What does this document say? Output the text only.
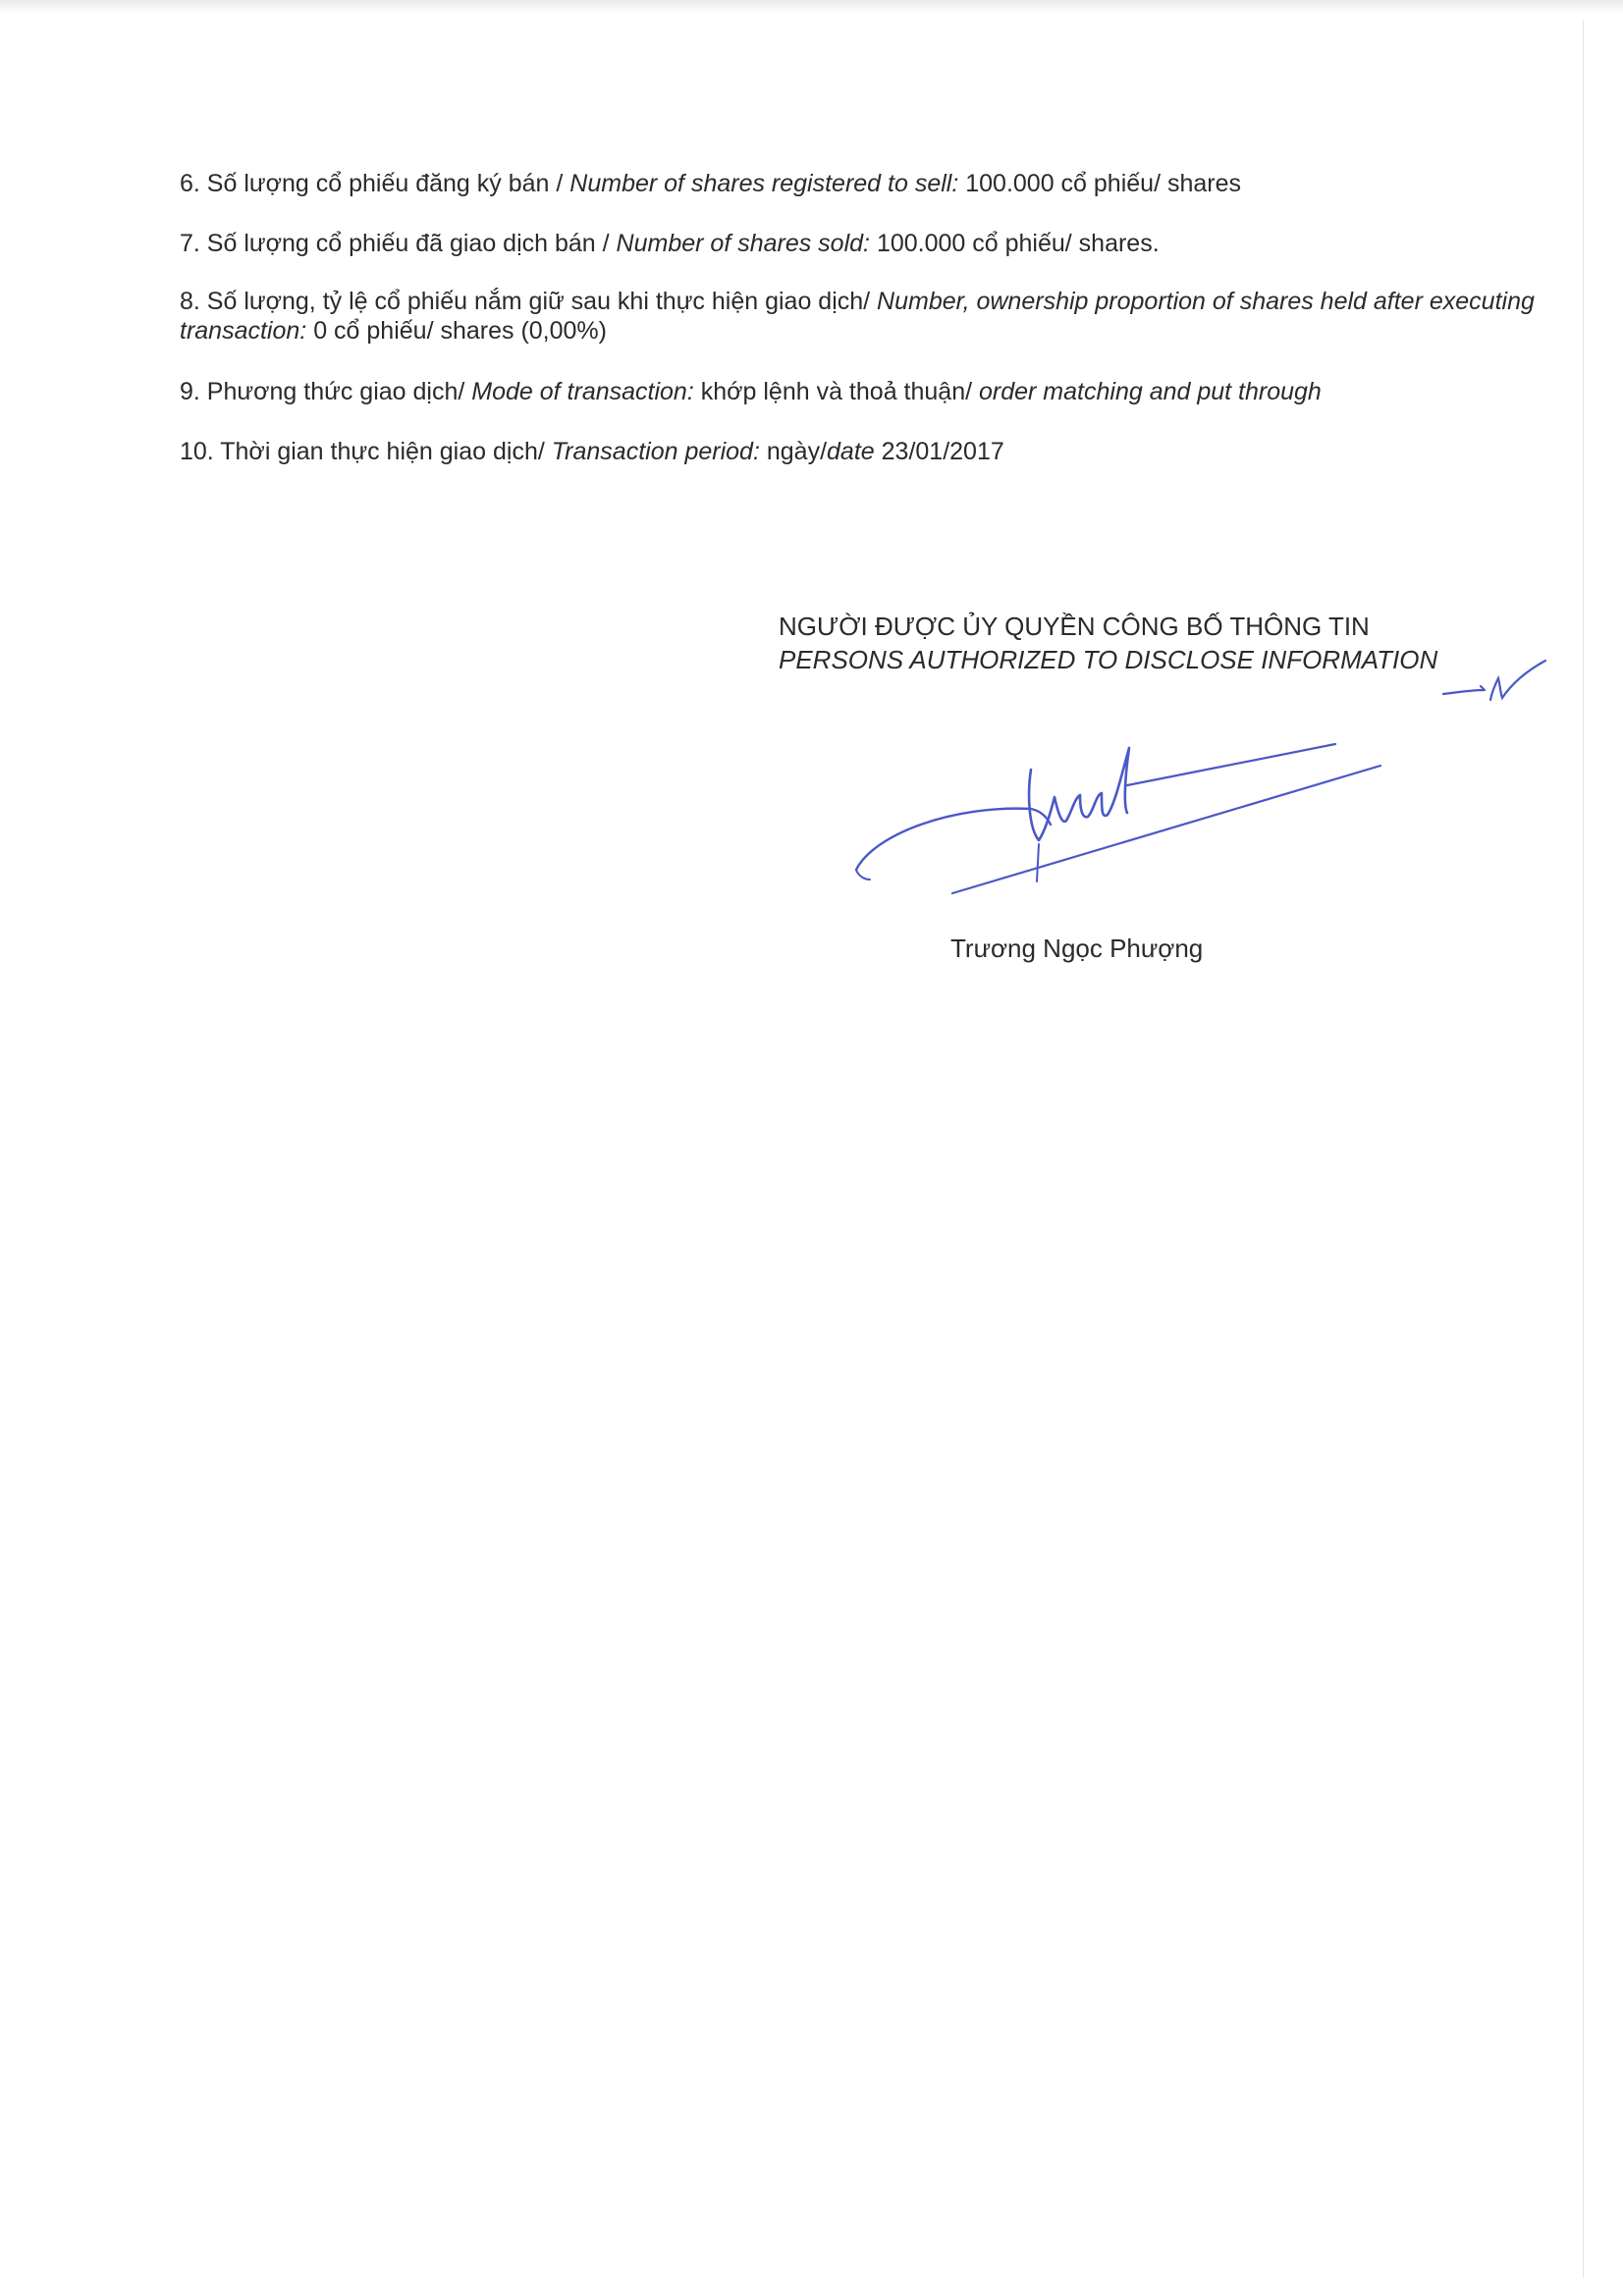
6. Số lượng cổ phiếu đăng ký bán / Number of shares registered to sell: 100.000 cổ phiếu/ shares

7. Số lượng cổ phiếu đã giao dịch bán / Number of shares sold: 100.000 cổ phiếu/ shares.

8. Số lượng, tỷ lệ cổ phiếu nắm giữ sau khi thực hiện giao dịch/ Number, ownership proportion of shares held after executing transaction: 0 cổ phiếu/ shares (0,00%)

9. Phương thức giao dịch/ Mode of transaction: khớp lệnh và thoả thuận/ order matching and put through

10. Thời gian thực hiện giao dịch/ Transaction period: ngày/date 23/01/2017

NGƯỜI ĐƯỢC ỦY QUYỀN CÔNG BỐ THÔNG TIN
PERSONS AUTHORIZED TO DISCLOSE INFORMATION
Trương Ngọc Phượng
